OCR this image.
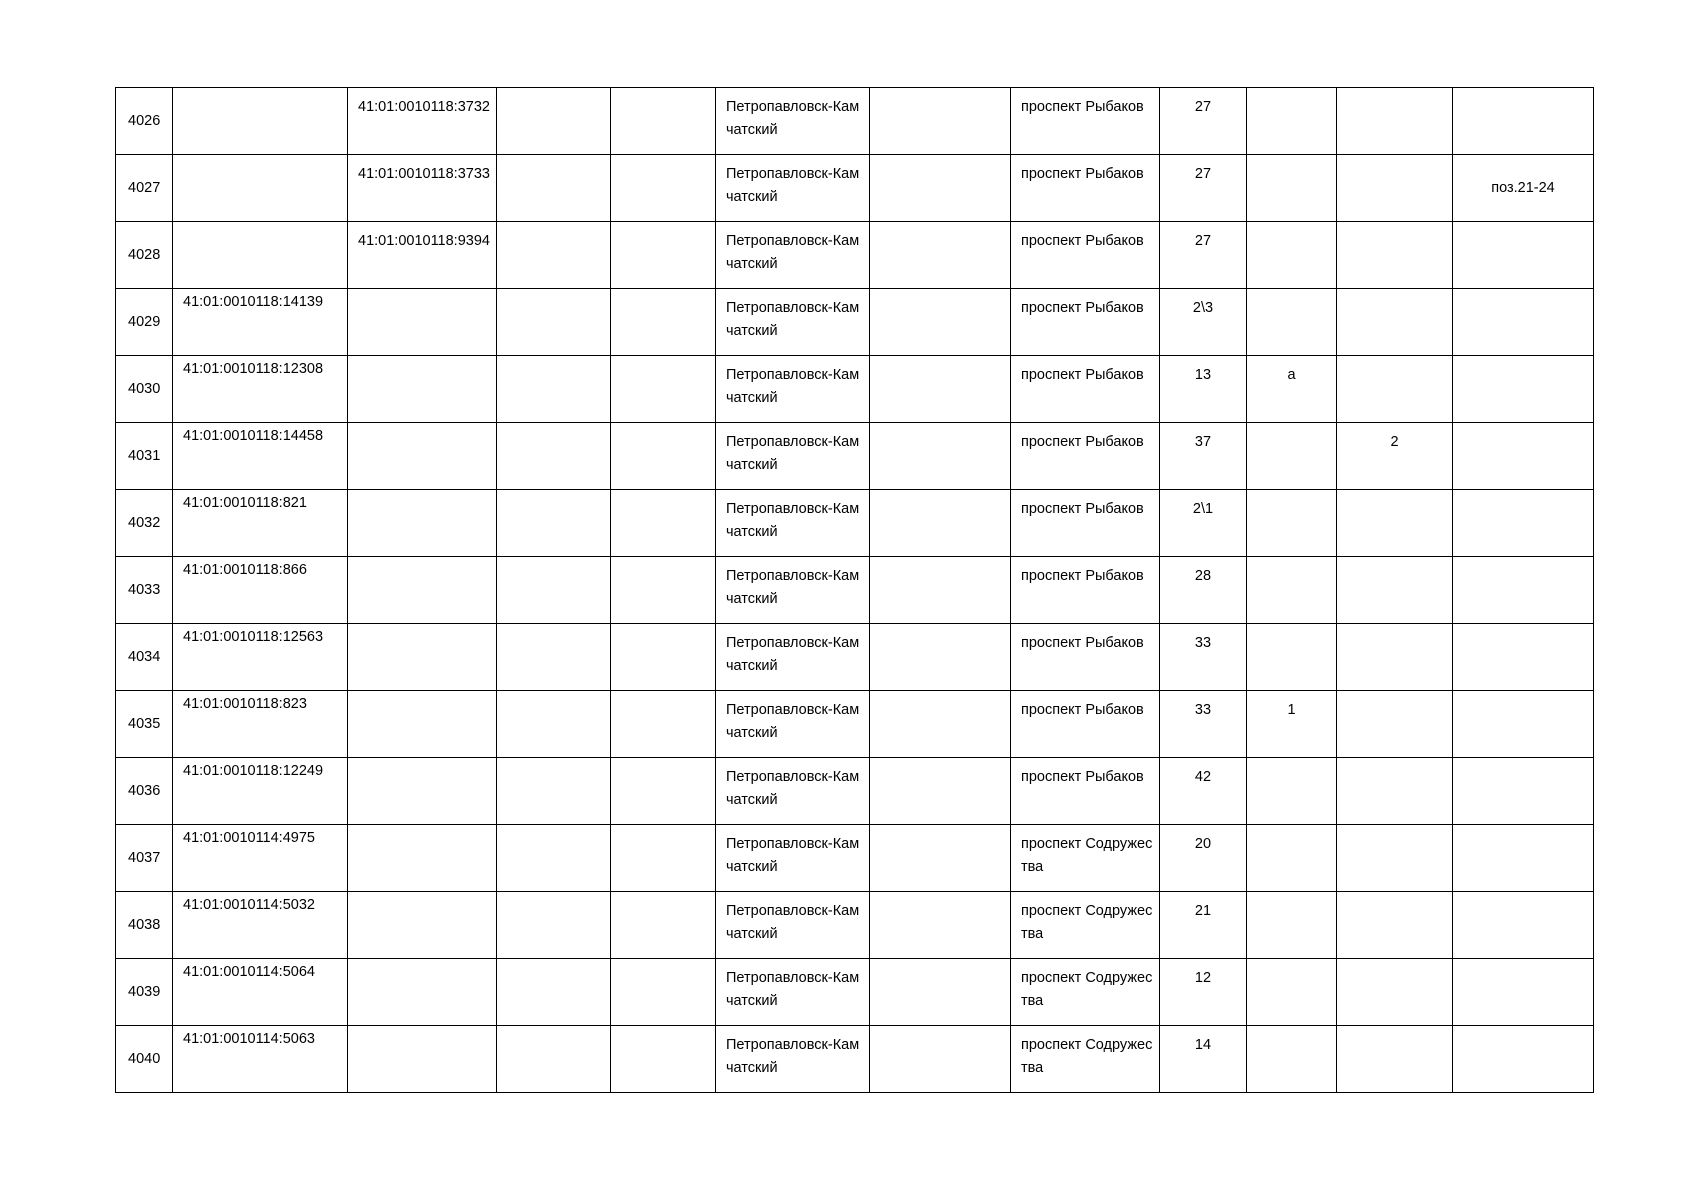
4026		41:01:0010118:3732			Петропавловск-Камчатский		проспект Рыбаков	27			

4027		41:01:0010118:3733			Петропавловск-Камчатский		проспект Рыбаков	27			поз.21-24

4028		41:01:0010118:9394			Петропавловск-Камчатский		проспект Рыбаков	27			

4029	41:01:0010118:14139				Петропавловск-Камчатский		проспект Рыбаков	2\3			

4030	41:01:0010118:12308				Петропавловск-Камчатский		проспект Рыбаков	13	а		

4031	41:01:0010118:14458				Петропавловск-Камчатский		проспект Рыбаков	37		2	

4032	41:01:0010118:821				Петропавловск-Камчатский		проспект Рыбаков	2\1			

4033	41:01:0010118:866				Петропавловск-Камчатский		проспект Рыбаков	28			

4034	41:01:0010118:12563				Петропавловск-Камчатский		проспект Рыбаков	33			

4035	41:01:0010118:823				Петропавловск-Камчатский		проспект Рыбаков	33	1		

4036	41:01:0010118:12249				Петропавловск-Камчатский		проспект Рыбаков	42			

4037	41:01:0010114:4975				Петропавловск-Камчатский		проспект Содружества	20			

4038	41:01:0010114:5032				Петропавловск-Камчатский		проспект Содружества	21			

4039	41:01:0010114:5064				Петропавловск-Камчатский		проспект Содружества	12			

4040	41:01:0010114:5063				Петропавловск-Камчатский		проспект Содружества	14			
